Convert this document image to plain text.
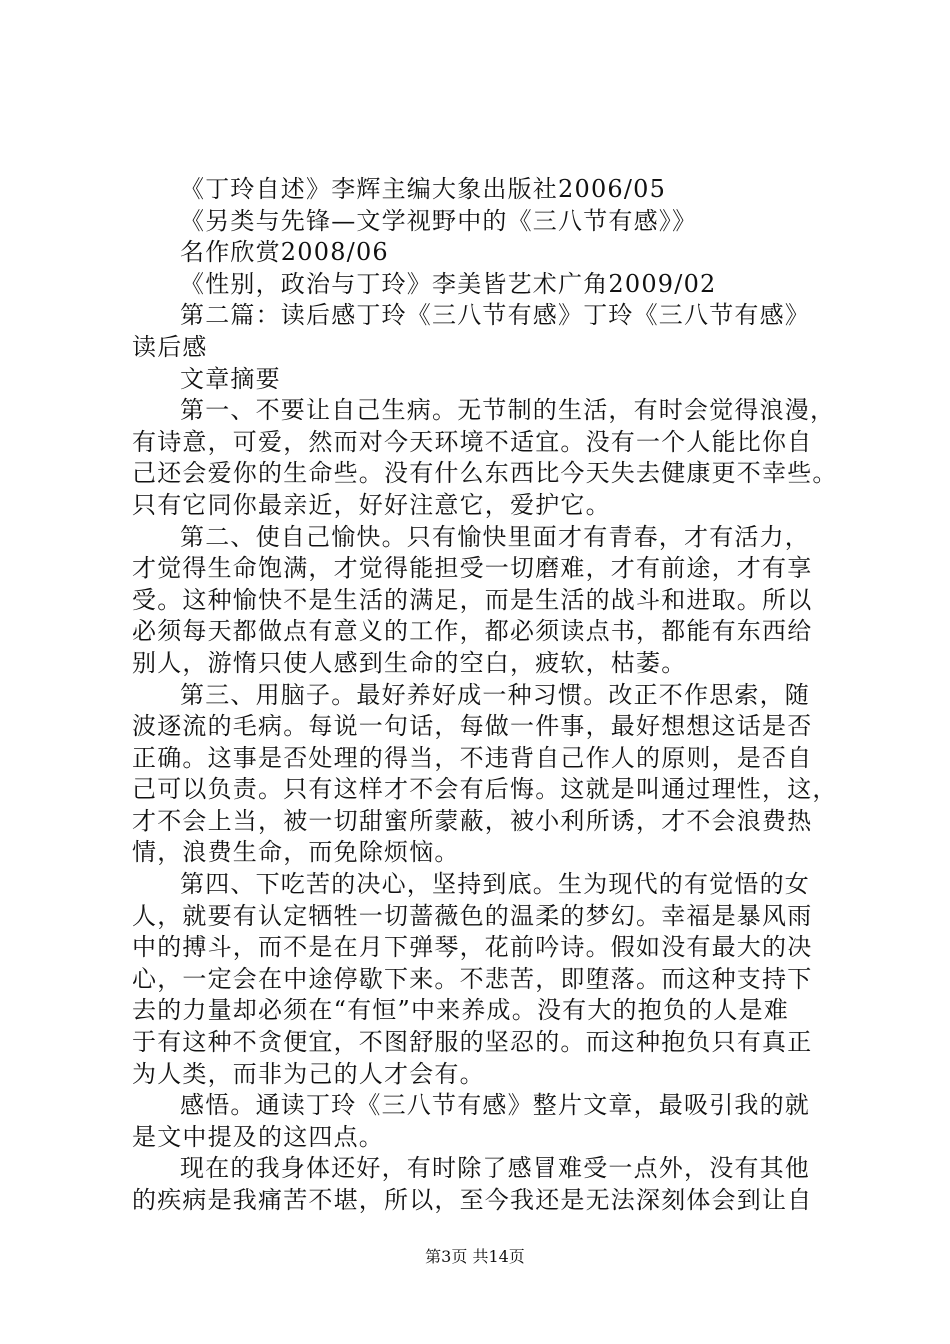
《丁玲自述》李辉主编大象出版社2006/05
《另类与先锋—文学视野中的《三八节有感》》
名作欣赏2008/06
《性别，政治与丁玲》李美皆艺术广角2009/02
第二篇：读后感丁玲《三八节有感》丁玲《三八节有感》
读后感
文章摘要
第一、不要让自己生病。无节制的生活，有时会觉得浪漫，
有诗意，可爱，然而对今天环境不适宜。没有一个人能比你自
己还会爱你的生命些。没有什么东西比今天失去健康更不幸些。
只有它同你最亲近，好好注意它，爱护它。
第二、使自己愉快。只有愉快里面才有青春，才有活力，
才觉得生命饱满，才觉得能担受一切磨难，才有前途，才有享
受。这种愉快不是生活的满足，而是生活的战斗和进取。所以
必须每天都做点有意义的工作，都必须读点书，都能有东西给
别人，游惰只使人感到生命的空白，疲软，枯萎。
第三、用脑子。最好养好成一种习惯。改正不作思索，随
波逐流的毛病。每说一句话，每做一件事，最好想想这话是否
正确。这事是否处理的得当，不违背自己作人的原则，是否自
己可以负责。只有这样才不会有后悔。这就是叫通过理性，这，
才不会上当，被一切甜蜜所蒙蔽，被小利所诱，才不会浪费热
情，浪费生命，而免除烦恼。
第四、下吃苦的决心，坚持到底。生为现代的有觉悟的女
人，就要有认定牺牲一切蔷薇色的温柔的梦幻。幸福是暴风雨
中的搏斗，而不是在月下弹琴，花前吟诗。假如没有最大的决
心，一定会在中途停歇下来。不悲苦，即堕落。而这种支持下
去的力量却必须在“有恒”中来养成。没有大的抱负的人是难
于有这种不贪便宜，不图舒服的坚忍的。而这种抱负只有真正
为人类，而非为己的人才会有。
感悟。通读丁玲《三八节有感》整片文章，最吸引我的就
是文中提及的这四点。
现在的我身体还好，有时除了感冒难受一点外，没有其他
的疾病是我痛苦不堪，所以，至今我还是无法深刻体会到让自
第3页 共14页
